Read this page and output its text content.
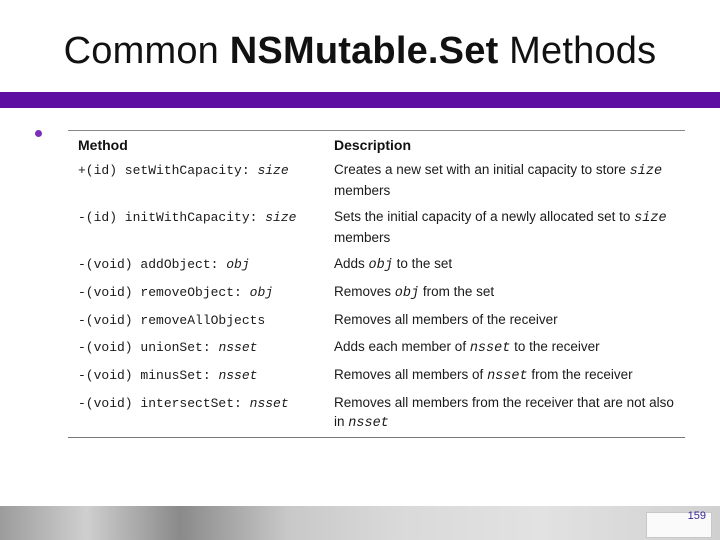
Common NSMutable.Set Methods
Method	Description
+(id) setWithCapacity: size	Creates a new set with an initial capacity to store size members
-(id) initWithCapacity: size	Sets the initial capacity of a newly allocated set to size members
-(void) addObject: obj	Adds obj to the set
-(void) removeObject: obj	Removes obj from the set
-(void) removeAllObjects	Removes all members of the receiver
-(void) unionSet: nsset	Adds each member of nsset to the receiver
-(void) minusSet: nsset	Removes all members of nsset from the receiver
-(void) intersectSet: nsset	Removes all members from the receiver that are not also in nsset
159
